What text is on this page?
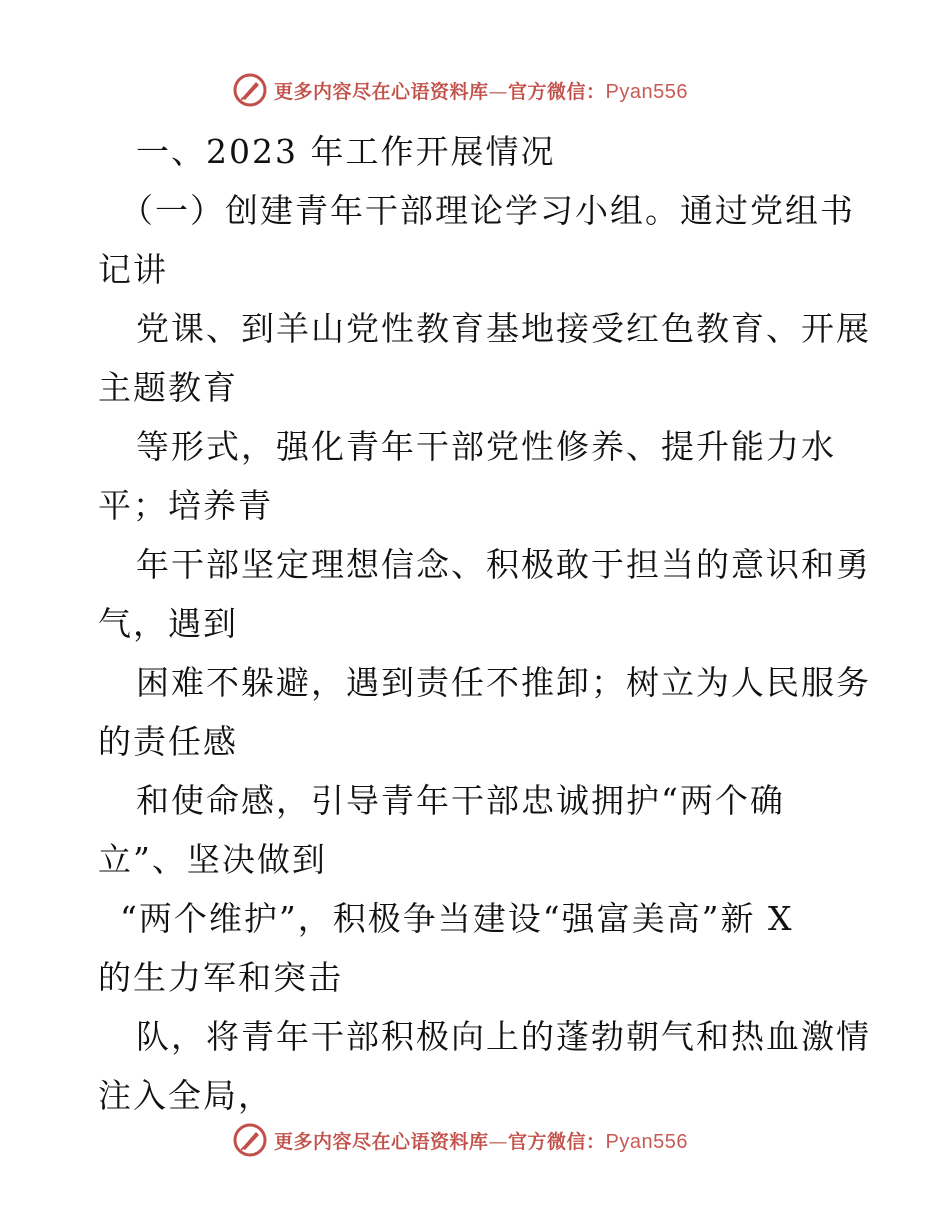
更多内容尽在心语资料库—官方微信：Pyan556
一、2023 年工作开展情况
（一）创建青年干部理论学习小组。通过党组书
记讲
党课、到羊山党性教育基地接受红色教育、开展
主题教育
等形式，强化青年干部党性修养、提升能力水
平；培养青
年干部坚定理想信念、积极敢于担当的意识和勇
气，遇到
困难不躲避，遇到责任不推卸；树立为人民服务
的责任感
和使命感，引导青年干部忠诚拥护“两个确
立”、坚决做到
“两个维护”，积极争当建设“强富美高”新 X
的生力军和突击
队，将青年干部积极向上的蓬勃朝气和热血激情
注入全局，
更多内容尽在心语资料库—官方微信：Pyan556
